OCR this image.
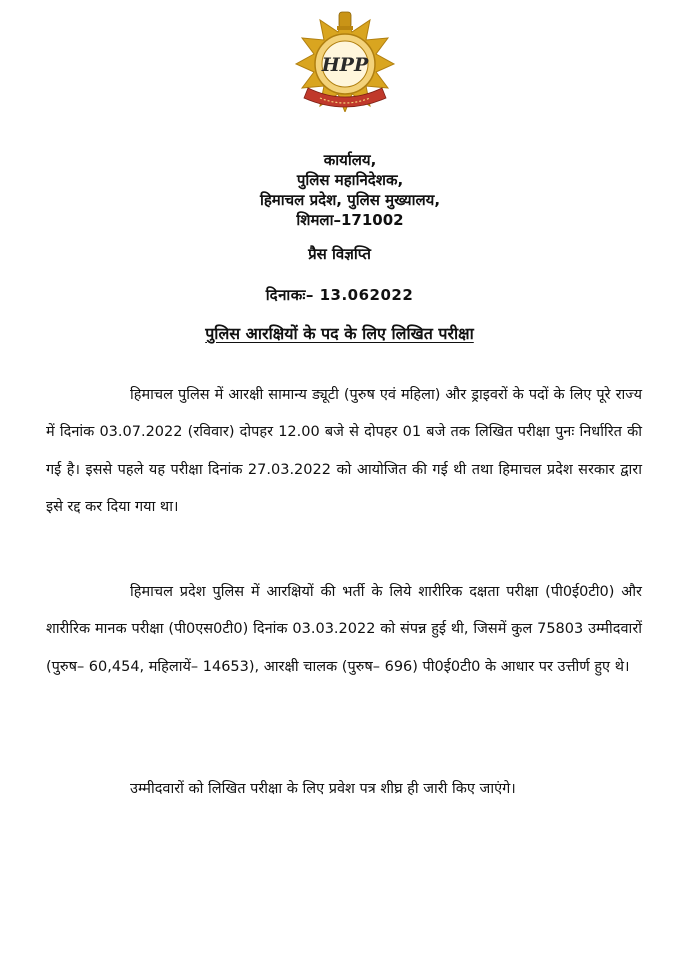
HPP
कार्यालय,
पुलिस महानिदेशक,
हिमाचल प्रदेश, पुलिस मुख्यालय,
शिमला–171002
प्रैस विज्ञप्ति
दिनाकः– 13.062022
पुलिस आरक्षियों के पद के लिए लिखित परीक्षा

हिमाचल पुलिस में आरक्षी सामान्य ड्यूटी (पुरुष एवं महिला) और ड्राइवरों के पदों के लिए पूरे राज्य में दिनांक 03.07.2022 (रविवार) दोपहर 12.00 बजे से दोपहर 01 बजे तक लिखित परीक्षा पुनः निर्धारित की गई है। इससे पहले यह परीक्षा दिनांक 27.03.2022 को आयोजित की गई थी तथा हिमाचल प्रदेश सरकार द्वारा इसे रद्द कर दिया गया था।

हिमाचल प्रदेश पुलिस में आरक्षियों की भर्ती के लिये शारीरिक दक्षता परीक्षा (पी0ई0टी0) और शारीरिक मानक परीक्षा (पी0एस0टी0) दिनांक 03.03.2022 को संपन्न हुई थी, जिसमें कुल 75803 उम्मीदवारों (पुरुष– 60,454, महिलायें– 14653), आरक्षी चालक (पुरुष– 696) पी0ई0टी0 के आधार पर उत्तीर्ण हुए थे।

उम्मीदवारों को लिखित परीक्षा के लिए प्रवेश पत्र शीघ्र ही जारी किए जाएंगे।
